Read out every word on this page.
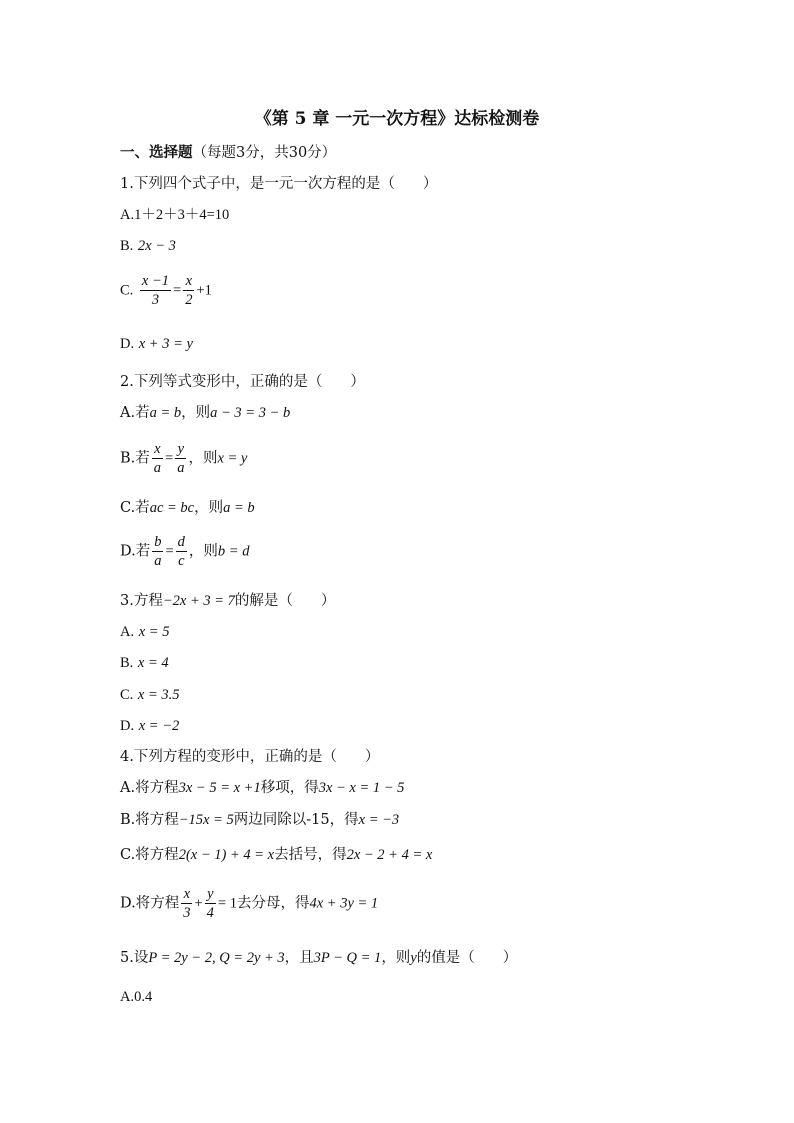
《第 5 章 一元一次方程》达标检测卷
一、选择题（每题3分，共30分）
1.下列四个式子中，是一元一次方程的是（ ）
A.1＋2＋3＋4=10
B. 2x − 3
C. $\frac{x -1}{3} = \frac{x}{2} +1$
D. x + 3 = y
2.下列等式变形中，正确的是（ ）
A.若a = b，则a − 3 = 3 − b
B.若 $\frac{x}{a} = \frac{y}{a}$ ，则x = y
C.若ac = bc，则a = b
D.若 $\frac{b}{a} = \frac{d}{c}$ ，则b = d
3.方程−2x + 3 = 7的解是（ ）
A. x = 5
B. x = 4
C. x = 3.5
D. x = −2
4.下列方程的变形中，正确的是（ ）
A.将方程3x − 5 = x +1移项，得3x − x = 1 − 5
B.将方程−15x = 5两边同除以-15，得x = −3
C.将方程2(x − 1) + 4 = x去括号，得2x − 2 + 4 = x
D.将方程 $\frac{x}{3} + \frac{y}{4} = 1$去分母，得4x + 3y = 1
5.设P = 2y − 2, Q = 2y + 3，且3P − Q = 1，则y的值是（ ）
A.0.4
